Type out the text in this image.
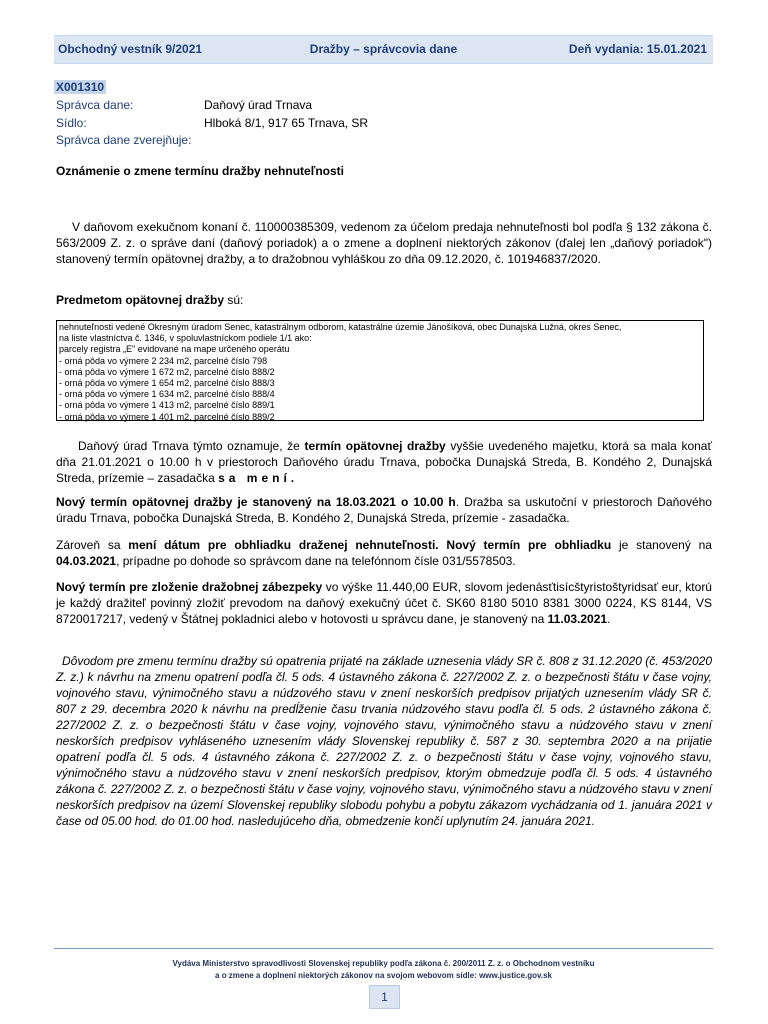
Obchodný vestník 9/2021	Dražby – správcovia dane	Deň vydania: 15.01.2021
X001310
Správca dane:	Daňový úrad Trnava
Sídlo:	Hlboká 8/1, 917 65 Trnava, SR
Správca dane zverejňuje:
Oznámenie o zmene termínu dražby nehnuteľnosti
V daňovom exekučnom konaní č. 110000385309, vedenom za účelom predaja nehnuteľnosti bol podľa § 132 zákona č. 563/2009 Z. z. o správe daní (daňový poriadok) a o zmene a doplnení niektorých zákonov (ďalej len „daňový poriadok") stanovený termín opätovnej dražby, a to dražobnou vyhláškou zo dňa 09.12.2020, č. 101946837/2020.
Predmetom opätovnej dražby sú:
nehnuteľnosti vedené Okresným úradom Senec, katastrálnym odborom, katastrálne územie Jánošíková, obec Dunajská Lužná, okres Senec,
na liste vlastníctva č. 1346, v spoluvlastníckom podiele 1/1 ako:
parcely registra „E" evidované na mape určeného operátu
- orná pôda vo výmere 2 234 m2, parcelné číslo 798
- orná pôda vo výmere 1 672 m2, parcelné číslo 888/2
- orná pôda vo výmere 1 654 m2, parcelné číslo 888/3
- orná pôda vo výmere 1 634 m2, parcelné číslo 888/4
- orná pôda vo výmere 1 413 m2, parcelné číslo 889/1
- orná pôda vo výmere 1 401 m2, parcelné číslo 889/2
Daňový úrad Trnava týmto oznamuje, že termín opätovnej dražby vyššie uvedeného majetku, ktorá sa mala konať dňa 21.01.2021 o 10.00 h v priestoroch Daňového úradu Trnava, pobočka Dunajská Streda, B. Kondého 2, Dunajská Streda, prízemie – zasadačka sa mení.
Nový termín opätovnej dražby je stanovený na 18.03.2021 o 10.00 h. Dražba sa uskutoční v priestoroch Daňového úradu Trnava, pobočka Dunajská Streda, B. Kondého 2, Dunajská Streda, prízemie - zasadačka.
Zároveň sa mení dátum pre obhliadku draženej nehnuteľnosti. Nový termín pre obhliadku je stanovený na 04.03.2021, prípadne po dohode so správcom dane na telefónnom čísle 031/5578503.
Nový termín pre zloženie dražobnej zábezpeky vo výške 11.440,00 EUR, slovom jedenásťtisícštyristoštyridsať eur, ktorú je každý dražiteľ povinný zložiť prevodom na daňový exekučný účet č. SK60 8180 5010 8381 3000 0224, KS 8144, VS 8720017217, vedený v Štátnej pokladnici alebo v hotovosti u správcu dane, je stanovený na 11.03.2021.
Dôvodom pre zmenu termínu dražby sú opatrenia prijaté na základe uznesenia vlády SR č. 808 z 31.12.2020 (č. 453/2020 Z. z.) k návrhu na zmenu opatrení podľa čl. 5 ods. 4 ústavného zákona č. 227/2002 Z. z. o bezpečnosti štátu v čase vojny, vojnového stavu, výnimočného stavu a núdzového stavu v znení neskorších predpisov prijatých uznesením vlády SR č. 807 z 29. decembra 2020 k návrhu na predĺženie času trvania núdzového stavu podľa čl. 5 ods. 2 ústavného zákona č. 227/2002 Z. z. o bezpečnosti štátu v čase vojny, vojnového stavu, výnimočného stavu a núdzového stavu v znení neskorších predpisov vyhláseného uznesením vlády Slovenskej republiky č. 587 z 30. septembra 2020 a na prijatie opatrení podľa čl. 5 ods. 4 ústavného zákona č. 227/2002 Z. z. o bezpečnosti štátu v čase vojny, vojnového stavu, výnimočného stavu a núdzového stavu v znení neskorších predpisov, ktorým obmedzuje podľa čl. 5 ods. 4 ústavného zákona č. 227/2002 Z. z. o bezpečnosti štátu v čase vojny, vojnového stavu, výnimočného stavu a núdzového stavu v znení neskorších predpisov na území Slovenskej republiky slobodu pohybu a pobytu zákazom vychádzania od 1. januára 2021 v čase od 05.00 hod. do 01.00 hod. nasledujúceho dňa, obmedzenie končí uplynutím 24. januára 2021.
Vydáva Ministerstvo spravodlivosti Slovenskej republiky podľa zákona č. 200/2011 Z. z. o Obchodnom vestníku
a o zmene a doplnení niektorých zákonov na svojom webovom sídle: www.justice.gov.sk
1
